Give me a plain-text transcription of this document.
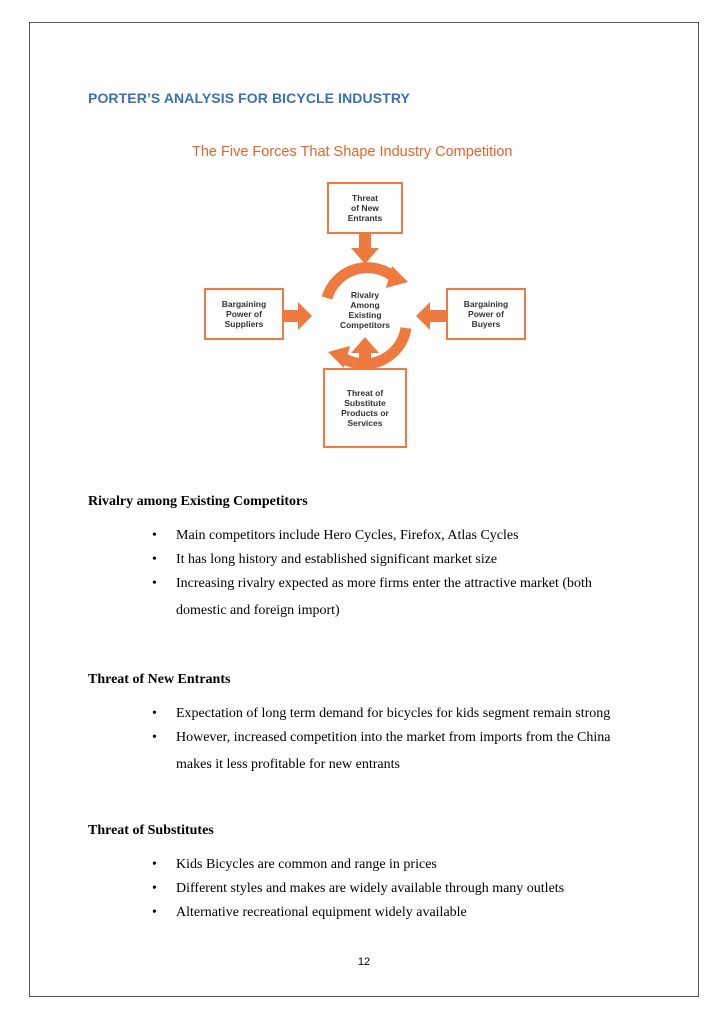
PORTER’S ANALYSIS FOR BICYCLE INDUSTRY
The Five Forces That Shape Industry Competition
Threat
of New
Entrants
Bargaining
Power of
Suppliers
Bargaining
Power of
Buyers
Threat of
Substitute
Products or
Services
Rivalry
Among
Existing
Competitors
Rivalry among Existing Competitors
• Main competitors include Hero Cycles, Firefox, Atlas Cycles
• It has long history and established significant market size
• Increasing rivalry expected as more firms enter the attractive market (both
domestic and foreign import)
Threat of New Entrants
• Expectation of long term demand for bicycles for kids segment remain strong
• However, increased competition into the market from imports from the China
makes it less profitable for new entrants
Threat of Substitutes
• Kids Bicycles are common and range in prices
• Different styles and makes are widely available through many outlets
• Alternative recreational equipment widely available
12
